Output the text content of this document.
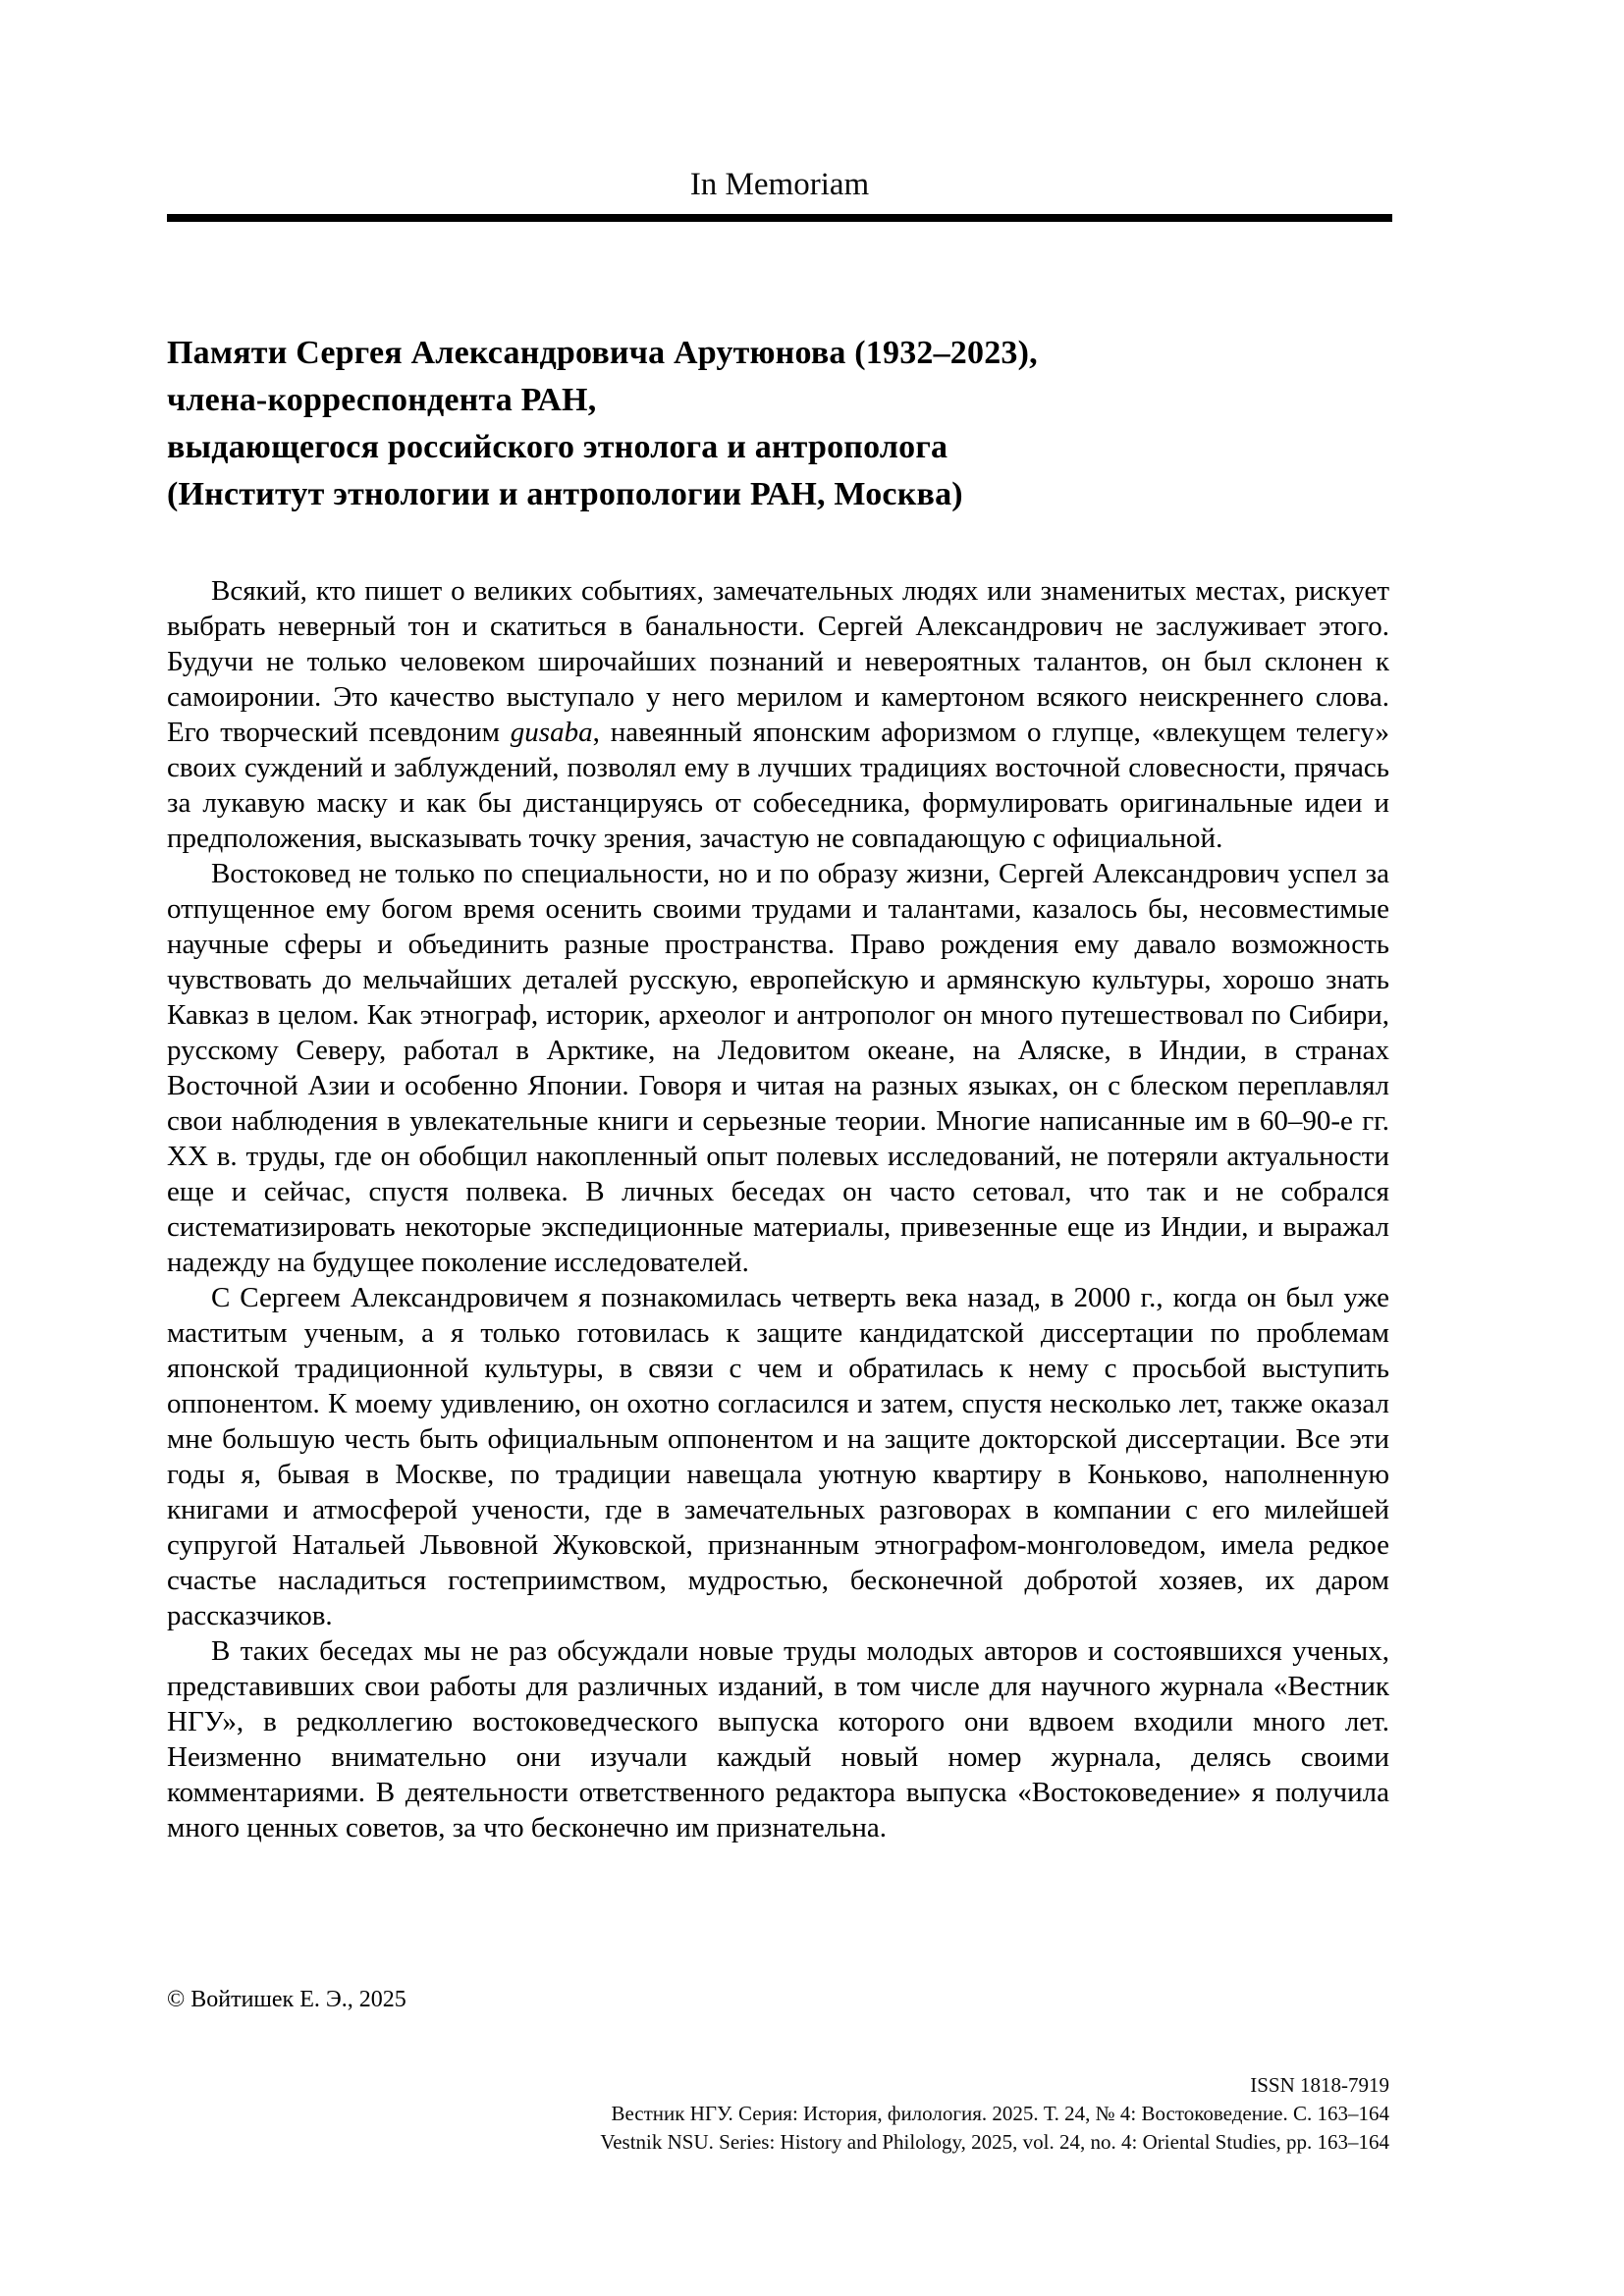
In Memoriam
Памяти Сергея Александровича Арутюнова (1932–2023),
члена-корреспондента РАН,
выдающегося российского этнолога и антрополога
(Институт этнологии и антропологии РАН, Москва)

Всякий, кто пишет о великих событиях, замечательных людях или знаменитых местах, рискует выбрать неверный тон и скатиться в банальности. Сергей Александрович не заслуживает этого. Будучи не только человеком широчайших познаний и невероятных талантов, он был склонен к самоиронии. Это качество выступало у него мерилом и камертоном всякого неискреннего слова. Его творческий псевдоним gusaba, навеянный японским афоризмом о глупце, «влекущем телегу» своих суждений и заблуждений, позволял ему в лучших традициях восточной словесности, прячась за лукавую маску и как бы дистанцируясь от собеседника, формулировать оригинальные идеи и предположения, высказывать точку зрения, зачастую не совпадающую с официальной.

Востоковед не только по специальности, но и по образу жизни, Сергей Александрович успел за отпущенное ему богом время осенить своими трудами и талантами, казалось бы, несовместимые научные сферы и объединить разные пространства. Право рождения ему давало возможность чувствовать до мельчайших деталей русскую, европейскую и армянскую культуры, хорошо знать Кавказ в целом. Как этнограф, историк, археолог и антрополог он много путешествовал по Сибири, русскому Северу, работал в Арктике, на Ледовитом океане, на Аляске, в Индии, в странах Восточной Азии и особенно Японии. Говоря и читая на разных языках, он с блеском переплавлял свои наблюдения в увлекательные книги и серьезные теории. Многие написанные им в 60–90-е гг. XX в. труды, где он обобщил накопленный опыт полевых исследований, не потеряли актуальности еще и сейчас, спустя полвека. В личных беседах он часто сетовал, что так и не собрался систематизировать некоторые экспедиционные материалы, привезенные еще из Индии, и выражал надежду на будущее поколение исследователей.

С Сергеем Александровичем я познакомилась четверть века назад, в 2000 г., когда он был уже маститым ученым, а я только готовилась к защите кандидатской диссертации по проблемам японской традиционной культуры, в связи с чем и обратилась к нему с просьбой выступить оппонентом. К моему удивлению, он охотно согласился и затем, спустя несколько лет, также оказал мне большую честь быть официальным оппонентом и на защите докторской диссертации. Все эти годы я, бывая в Москве, по традиции навещала уютную квартиру в Коньково, наполненную книгами и атмосферой учености, где в замечательных разговорах в компании с его милейшей супругой Натальей Львовной Жуковской, признанным этнографом-монголоведом, имела редкое счастье насладиться гостеприимством, мудростью, бесконечной добротой хозяев, их даром рассказчиков.

В таких беседах мы не раз обсуждали новые труды молодых авторов и состоявшихся ученых, представивших свои работы для различных изданий, в том числе для научного журнала «Вестник НГУ», в редколлегию востоковедческого выпуска которого они вдвоем входили много лет. Неизменно внимательно они изучали каждый новый номер журнала, делясь своими комментариями. В деятельности ответственного редактора выпуска «Востоковедение» я получила много ценных советов, за что бесконечно им признательна.

© Войтишек Е. Э., 2025
ISSN 1818-7919
Вестник НГУ. Серия: История, филология. 2025. Т. 24, № 4: Востоковедение. С. 163–164
Vestnik NSU. Series: History and Philology, 2025, vol. 24, no. 4: Oriental Studies, pp. 163–164
